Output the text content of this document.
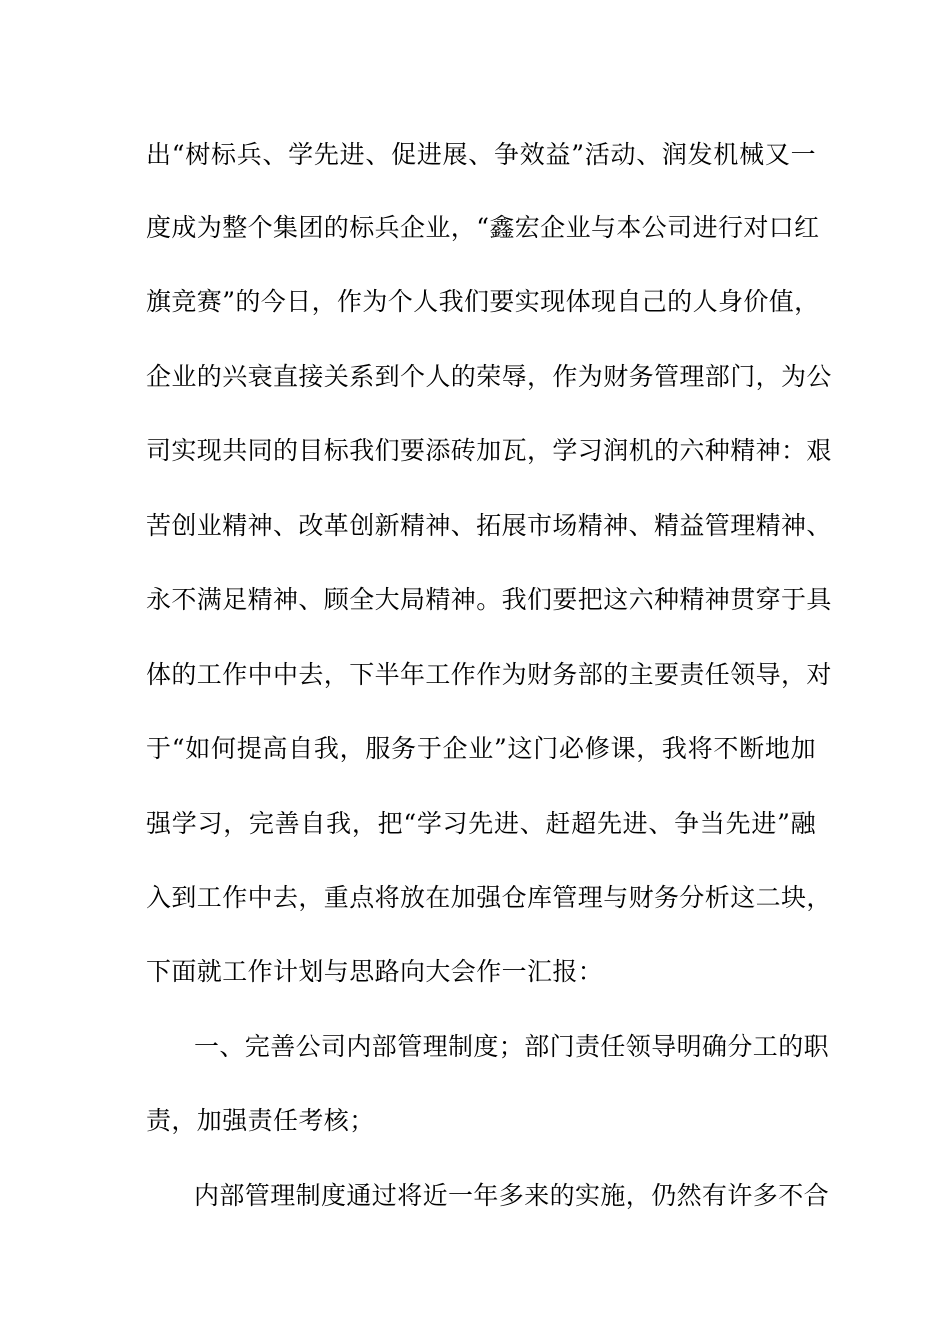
出“树标兵、学先进、促进展、争效益”活动、润发机械又一
度成为整个集团的标兵企业，“鑫宏企业与本公司进行对口红
旗竞赛”的今日，作为个人我们要实现体现自己的人身价值，
企业的兴衰直接关系到个人的荣辱，作为财务管理部门，为公
司实现共同的目标我们要添砖加瓦，学习润机的六种精神：艰
苦创业精神、改革创新精神、拓展市场精神、精益管理精神、
永不满足精神、顾全大局精神。我们要把这六种精神贯穿于具
体的工作中中去，下半年工作作为财务部的主要责任领导，对
于“如何提高自我，服务于企业”这门必修课，我将不断地加
强学习，完善自我，把“学习先进、赶超先进、争当先进”融
入到工作中去，重点将放在加强仓库管理与财务分析这二块，
下面就工作计划与思路向大会作一汇报：
一、完善公司内部管理制度；部门责任领导明确分工的职
责，加强责任考核；
内部管理制度通过将近一年多来的实施，仍然有许多不合
